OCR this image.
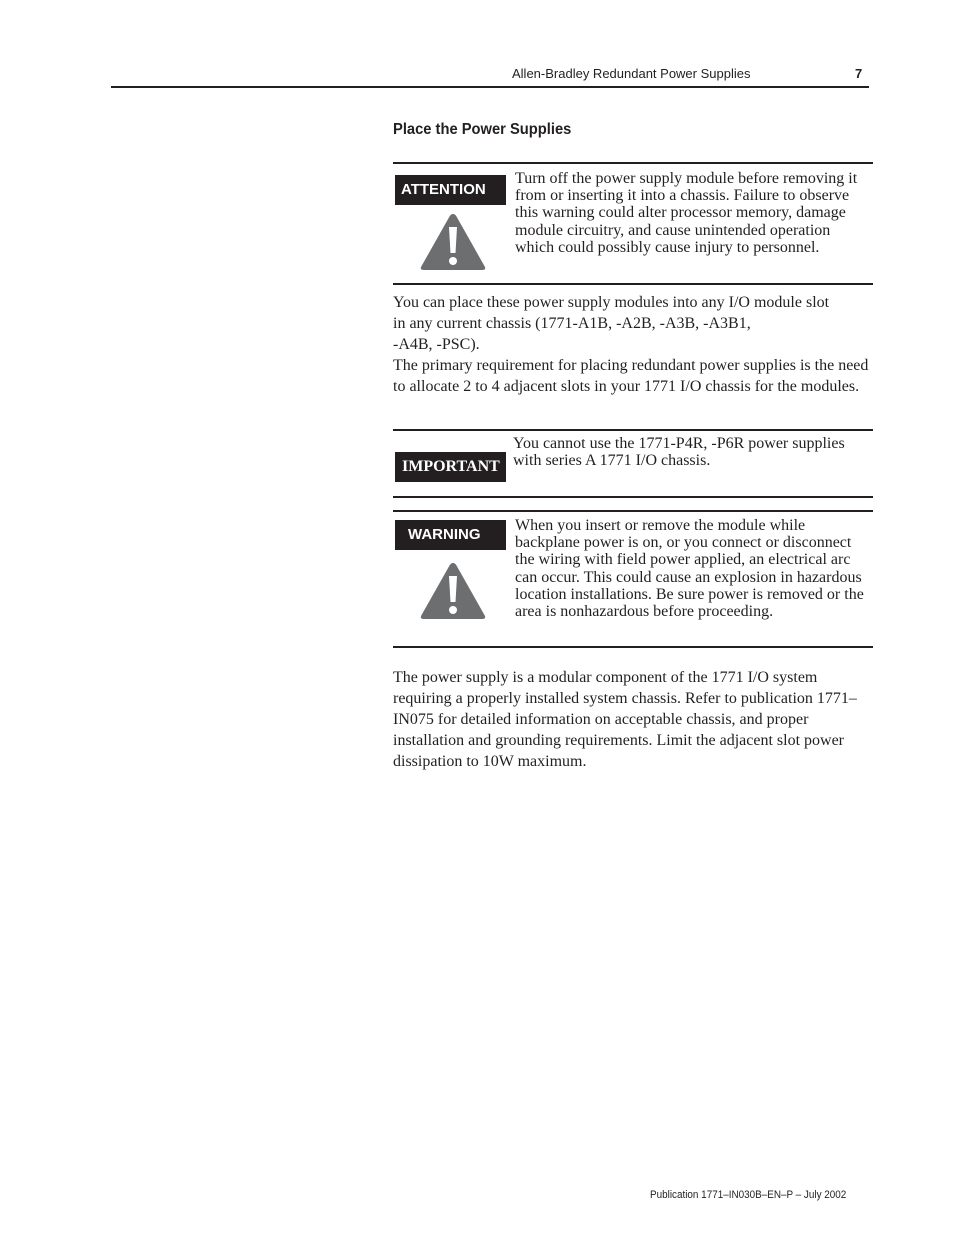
Allen-Bradley Redundant Power Supplies	7
Place the Power Supplies
ATTENTION
Turn off the power supply module before removing it from or inserting it into a chassis. Failure to observe this warning could alter processor memory, damage module circuitry, and cause unintended operation which could possibly cause injury to personnel.
You can place these power supply modules into any I/O module slot
in any current chassis (1771-A1B, -A2B, -A3B, -A3B1,
-A4B, -PSC).
The primary requirement for placing redundant power supplies is the need to allocate 2 to 4 adjacent slots in your 1771 I/O chassis for the modules.
IMPORTANT
You cannot use the 1771-P4R, -P6R power supplies with series A 1771 I/O chassis.
WARNING
When you insert or remove the module while backplane power is on, or you connect or disconnect the wiring with field power applied, an electrical arc can occur. This could cause an explosion in hazardous location installations. Be sure power is removed or the area is nonhazardous before proceeding.
The power supply is a modular component of the 1771 I/O system requiring a properly installed system chassis. Refer to publication 1771–IN075 for detailed information on acceptable chassis, and proper installation and grounding requirements. Limit the adjacent slot power dissipation to 10W maximum.
Publication 1771–IN030B–EN–P – July 2002
